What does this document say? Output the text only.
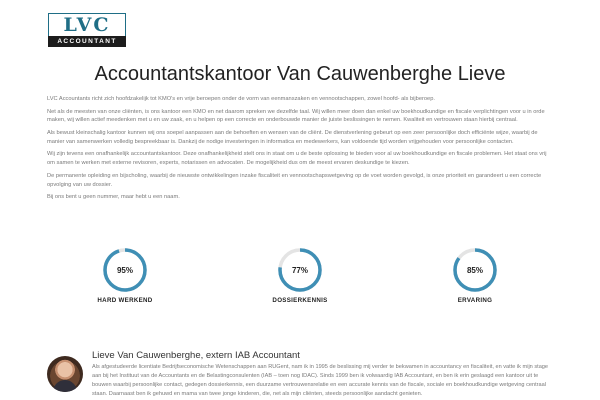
LVC
ACCOUNTANT
Accountantskantoor Van Cauwenberghe Lieve

LVC Accountants richt zich hoofdzakelijk tot KMO's en vrije beroepen onder de vorm van eenmanszaken en vennootschappen, zowel hoofd- als bijberoep.

Net als de meesten van onze cliënten, is ons kantoor een KMO en net daarom spreken we dezelfde taal. Wij willen meer doen dan enkel uw boekhoudkundige en fiscale verplichtingen voor u in orde maken, wij willen actief meedenken met u en uw zaak, en u helpen op een correcte en onderbouwde manier de juiste beslissingen te nemen. Kwaliteit en vertrouwen staan hierbij centraal.

Als bewust kleinschalig kantoor kunnen wij ons soepel aanpassen aan de behoeften en wensen van de cliënt. De dienstverlening gebeurt op een zeer persoonlijke doch efficiënte wijze, waarbij de manier van samenwerken volledig bespreekbaar is. Dankzij de nodige investeringen in informatica en medewerkers, kan voldoende tijd worden vrijgehouden voor persoonlijke contacten.

Wij zijn tevens een onafhankelijk accountantskantoor. Deze onafhankelijkheid stelt ons in staat om u de beste oplossing te bieden voor al uw boekhoudkundige en fiscale problemen. Het staat ons vrij om samen te werken met externe revisoren, experts, notarissen en advocaten. De mogelijkheid dus om de meest ervaren deskundige te kiezen.

De permanente opleiding en bijscholing, waarbij de nieuwste ontwikkelingen inzake fiscaliteit en vennootschapswetgeving op de voet worden gevolgd, is onze prioriteit en garandeert u een correcte opvolging van uw dossier.

Bij ons bent u geen nummer, maar hebt u een naam.

95%
HARD WERKEND
77%
DOSSIERKENNIS
85%
ERVARING
Lieve Van Cauwenberghe, extern IAB Accountant
Als afgestudeerde licentiate Bedrijfseconomische Wetenschappen aan RUGent, nam ik in 1995 de beslissing mij verder te bekwamen in accountancy en fiscaliteit, en vatte ik mijn stage aan bij het Instituut van de Accountants en de Belastingconsulenten (IAB – toen nog IDAC). Sinds 1999 ben ik volwaardig IAB Accountant, en ben ik erin geslaagd een kantoor uit te bouwen waarbij persoonlijke contact, gedegen dossierkennis, een duurzame vertrouwensrelatie en een accurate kennis van de fiscale, sociale en boekhoudkundige wetgeving centraal staan. Daarnaast ben ik gehuwd en mama van twee jonge kinderen, die, net als mijn cliënten, steeds persoonlijke aandacht genieten.
